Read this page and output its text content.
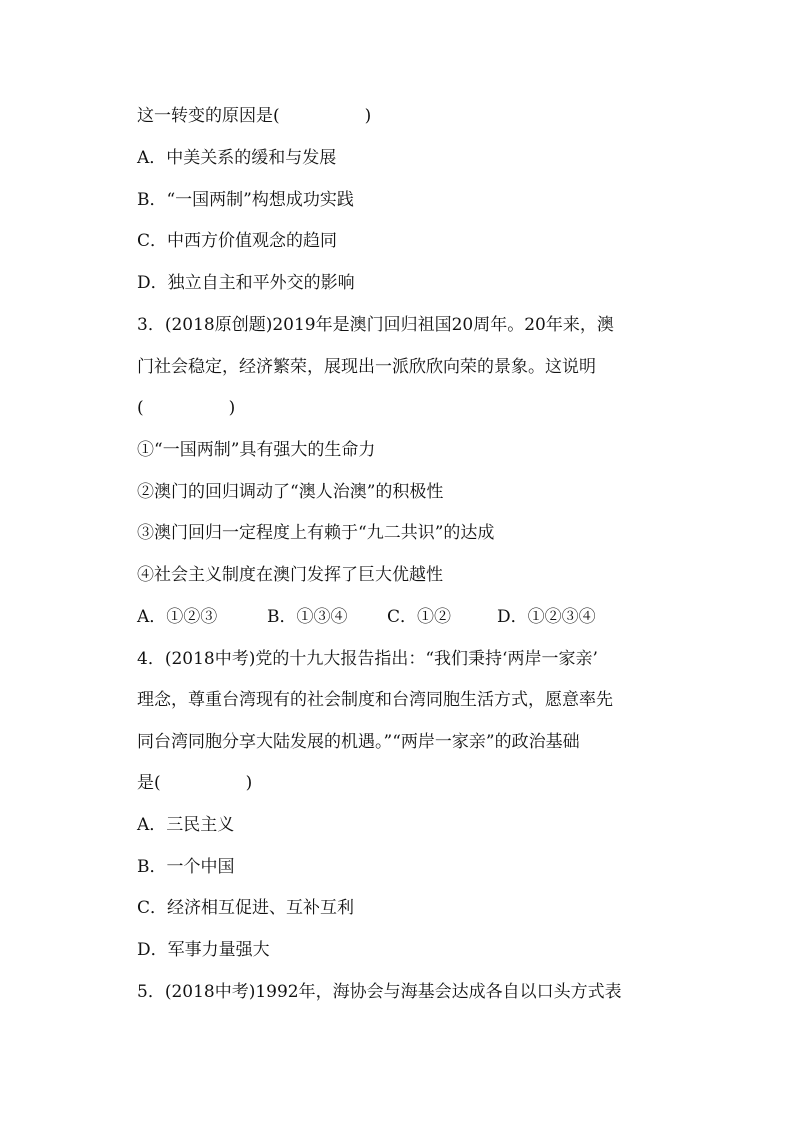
这一转变的原因是(　　　　　)
A．中美关系的缓和与发展
B．“一国两制”构想成功实践
C．中西方价值观念的趋同
D．独立自主和平外交的影响
3．(2018原创题)2019年是澳门回归祖国20周年。20年来，澳
门社会稳定，经济繁荣，展现出一派欣欣向荣的景象。这说明
(　　　　　)
①“一国两制”具有强大的生命力
②澳门的回归调动了“澳人治澳”的积极性
③澳门回归一定程度上有赖于“九二共识”的达成
④社会主义制度在澳门发挥了巨大优越性
A．①②③	B．①③④ C．①②	D．①②③④
4．(2018中考)党的十九大报告指出：“我们秉持‘两岸一家亲’
理念，尊重台湾现有的社会制度和台湾同胞生活方式，愿意率先
同台湾同胞分享大陆发展的机遇。”“两岸一家亲”的政治基础
是(　　　　　)
A．三民主义
B．一个中国
C．经济相互促进、互补互利
D．军事力量强大
5．(2018中考)1992年，海协会与海基会达成各自以口头方式表
